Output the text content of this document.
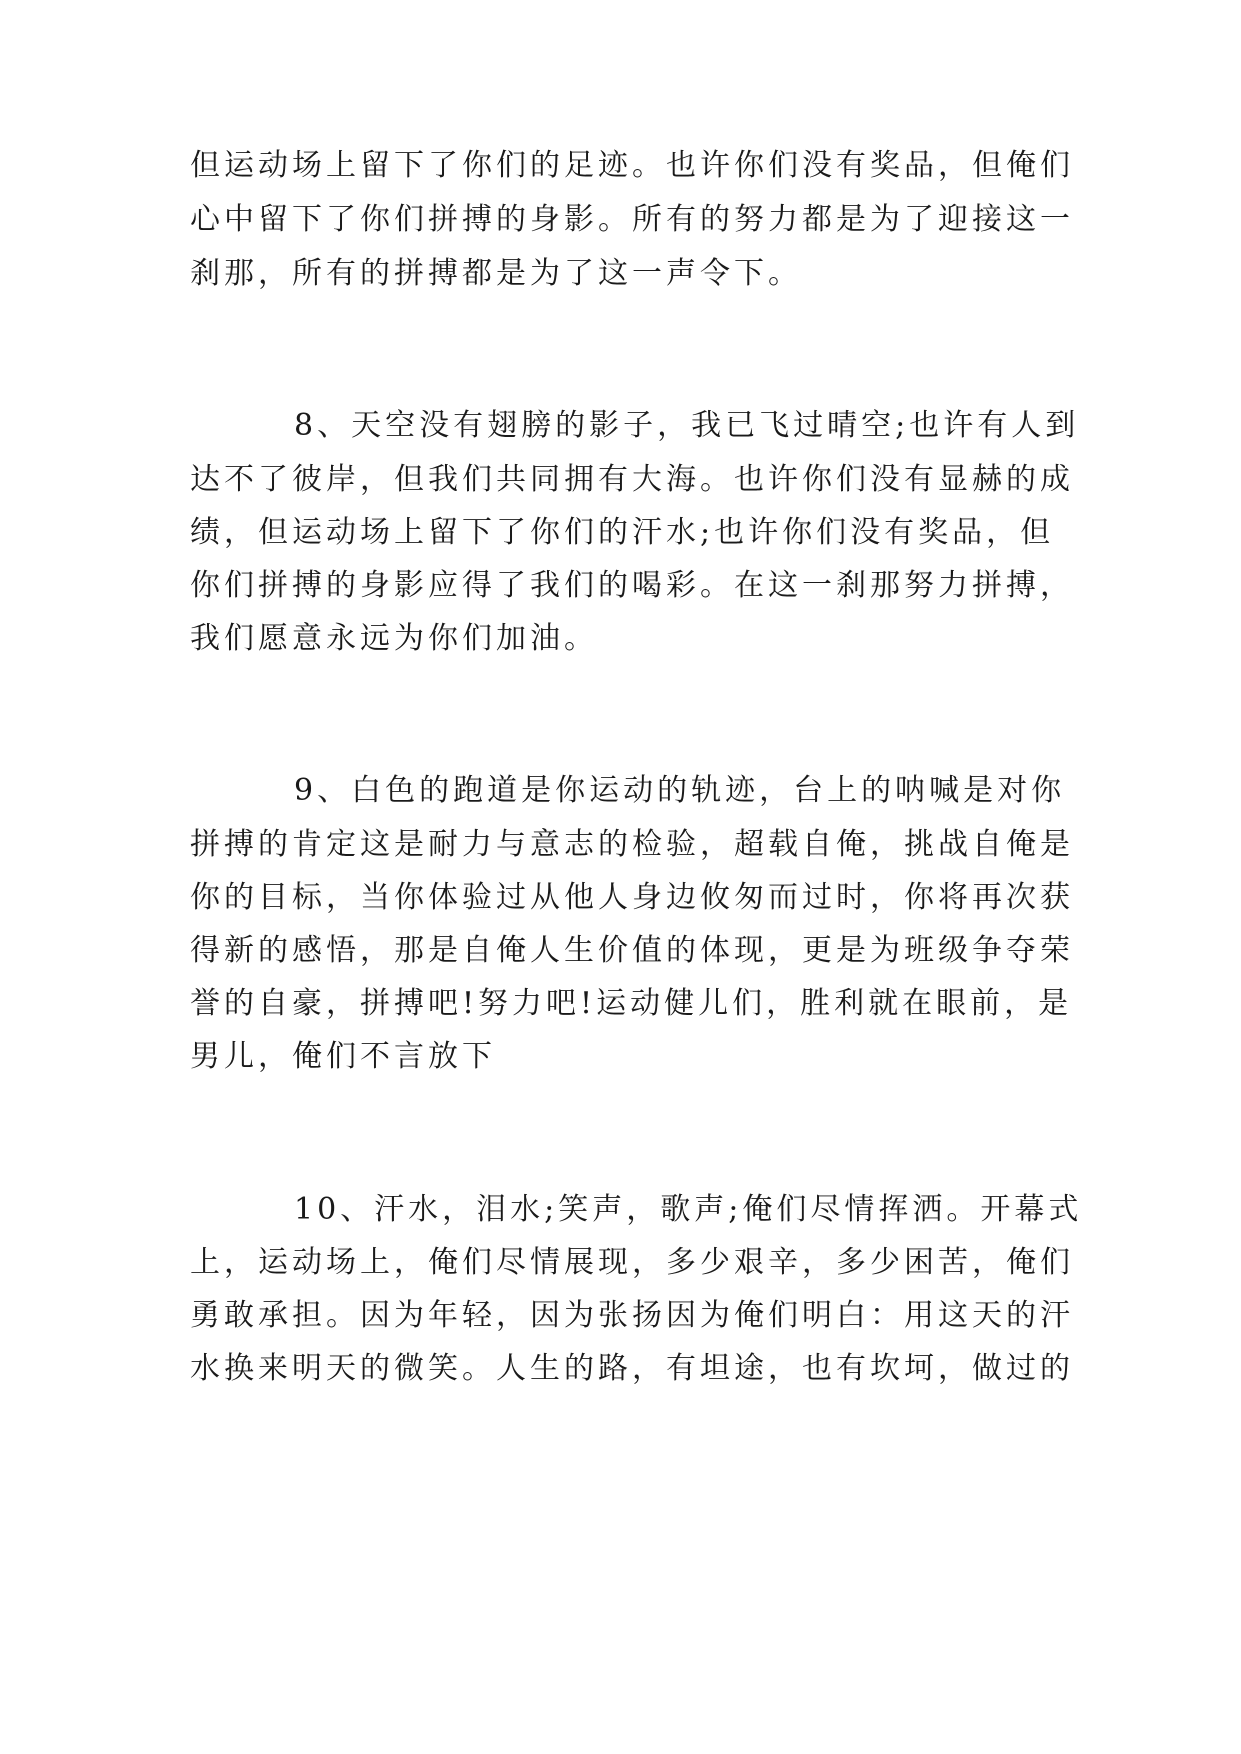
但运动场上留下了你们的足迹。也许你们没有奖品，但俺们
心中留下了你们拼搏的身影。所有的努力都是为了迎接这一
刹那，所有的拼搏都是为了这一声令下。
8、天空没有翅膀的影子，我已飞过晴空;也许有人到
达不了彼岸，但我们共同拥有大海。也许你们没有显赫的成
绩，但运动场上留下了你们的汗水;也许你们没有奖品，但
你们拼搏的身影应得了我们的喝彩。在这一刹那努力拼搏，
我们愿意永远为你们加油。
9、白色的跑道是你运动的轨迹，台上的呐喊是对你
拼搏的肯定这是耐力与意志的检验，超载自俺，挑战自俺是
你的目标，当你体验过从他人身边攸匆而过时，你将再次获
得新的感悟，那是自俺人生价值的体现，更是为班级争夺荣
誉的自豪，拼搏吧!努力吧!运动健儿们，胜利就在眼前，是
男儿，俺们不言放下
10、汗水，泪水;笑声，歌声;俺们尽情挥洒。开幕式
上，运动场上，俺们尽情展现，多少艰辛，多少困苦，俺们
勇敢承担。因为年轻，因为张扬因为俺们明白：用这天的汗
水换来明天的微笑。人生的路，有坦途，也有坎坷，做过的
